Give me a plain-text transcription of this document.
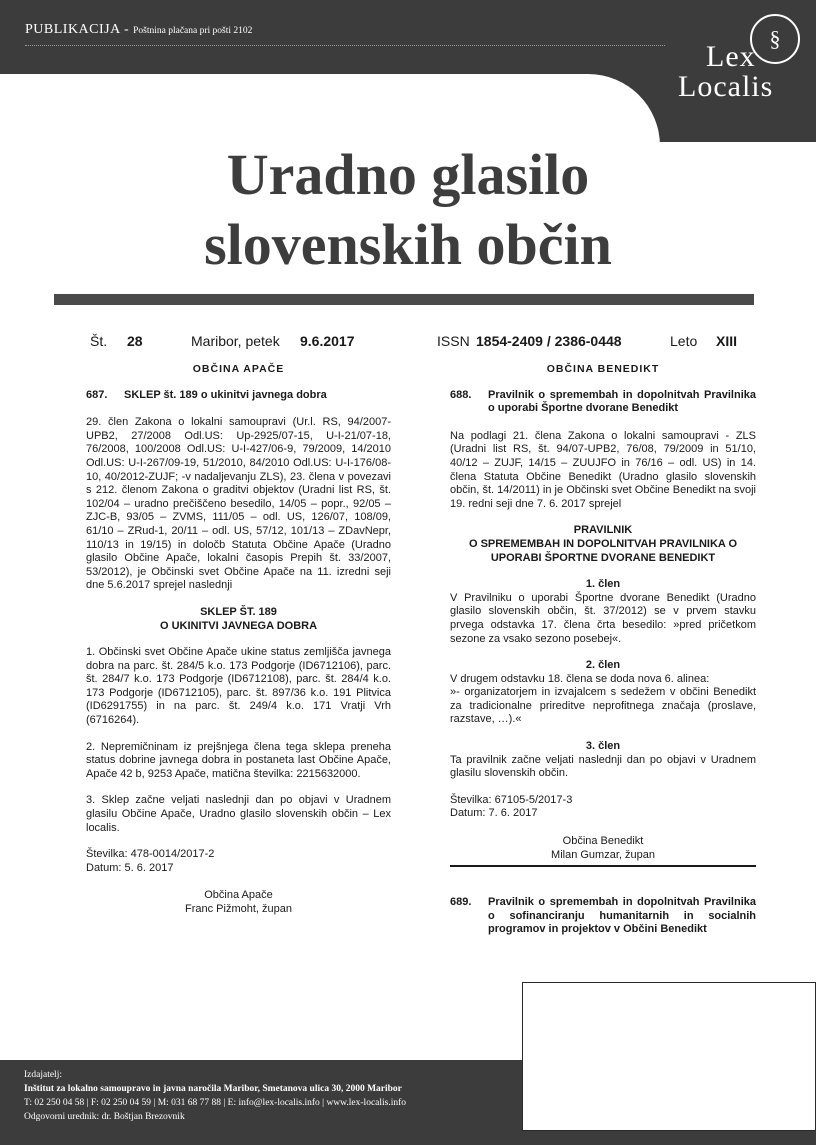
PUBLIKACIJA - Poštnina plačana pri pošti 2102	§
Lex
Localis
Uradno glasilo
slovenskih občin
Št. 28	Maribor, petek 9.6.2017	ISSN 1854-2409 / 2386-0448	Leto XIII

OBČINA APAČE

687.	SKLEP št. 189 o ukinitvi javnega dobra

29. člen Zakona o lokalni samoupravi (Ur.l. RS, 94/2007-UPB2, 27/2008 Odl.US: Up-2925/07-15, U-I-21/07-18, 76/2008, 100/2008 Odl.US: U-I-427/06-9, 79/2009, 14/2010 Odl.US: U-I-267/09-19, 51/2010, 84/2010 Odl.US: U-I-176/08-10, 40/2012-ZUJF; -v nadaljevanju ZLS), 23. člena v povezavi s 212. členom Zakona o graditvi objektov (Uradni list RS, št. 102/04 – uradno prečiščeno besedilo, 14/05 – popr., 92/05 – ZJC-B, 93/05 – ZVMS, 111/05 – odl. US, 126/07, 108/09, 61/10 – ZRud-1, 20/11 – odl. US, 57/12, 101/13 – ZDavNepr, 110/13 in 19/15) in določb Statuta Občine Apače (Uradno glasilo Občine Apače, lokalni časopis Prepih št. 33/2007, 53/2012), je Občinski svet Občine Apače na 11. izredni seji dne 5.6.2017 sprejel naslednji

SKLEP ŠT. 189

O UKINITVI JAVNEGA DOBRA

1. Občinski svet Občine Apače ukine status zemljišča javnega dobra na parc. št. 284/5 k.o. 173 Podgorje (ID6712106), parc. št. 284/7 k.o. 173 Podgorje (ID6712108), parc. št. 284/4 k.o. 173 Podgorje (ID6712105), parc. št. 897/36 k.o. 191 Plitvica (ID6291755) in na parc. št. 249/4 k.o. 171 Vratji Vrh (6716264).

2. Nepremičninam iz prejšnjega člena tega sklepa preneha status dobrine javnega dobra in postaneta last Občine Apače, Apače 42 b, 9253 Apače, matična številka: 2215632000.

3. Sklep začne veljati naslednji dan po objavi v Uradnem glasilu Občine Apače, Uradno glasilo slovenskih občin – Lex localis.

Številka: 478-0014/2017-2

Datum: 5. 6. 2017

Občina Apače

Franc Pižmoht, župan

OBČINA BENEDIKT

688.	Pravilnik o spremembah in dopolnitvah Pravilnika o uporabi Športne dvorane Benedikt

Na podlagi 21. člena Zakona o lokalni samoupravi - ZLS (Uradni list RS, št. 94/07-UPB2, 76/08, 79/2009 in 51/10, 40/12 – ZUJF, 14/15 – ZUUJFO in 76/16 – odl. US) in 14. člena Statuta Občine Benedikt (Uradno glasilo slovenskih občin, št. 14/2011) in je Občinski svet Občine Benedikt na svoji 19. redni seji dne 7. 6. 2017 sprejel

PRAVILNIK

O SPREMEMBAH IN DOPOLNITVAH PRAVILNIKA O

UPORABI ŠPORTNE DVORANE BENEDIKT

1. člen

V Pravilniku o uporabi Športne dvorane Benedikt (Uradno glasilo slovenskih občin, št. 37/2012) se v prvem stavku prvega odstavka 17. člena črta besedilo: »pred pričetkom sezone za vsako sezono posebej«.

2. člen

V drugem odstavku 18. člena se doda nova 6. alinea:

»- organizatorjem in izvajalcem s sedežem v občini Benedikt za tradicionalne prireditve neprofitnega značaja (proslave, razstave, …).«

3. člen

Ta pravilnik začne veljati naslednji dan po objavi v Uradnem glasilu slovenskih občin.

Številka: 67105-5/2017-3

Datum: 7. 6. 2017

Občina Benedikt

Milan Gumzar, župan

689.	Pravilnik o spremembah in dopolnitvah Pravilnika o sofinanciranju humanitarnih in socialnih programov in projektov v Občini Benedikt
Izdajatelj:
Inštitut za lokalno samoupravo in javna naročila Maribor, Smetanova ulica 30, 2000 Maribor
T: 02 250 04 58 | F: 02 250 04 59 | M: 031 68 77 88 | E: info@lex-localis.info | www.lex-localis.info
Odgovorni urednik: dr. Boštjan Brezovnik
